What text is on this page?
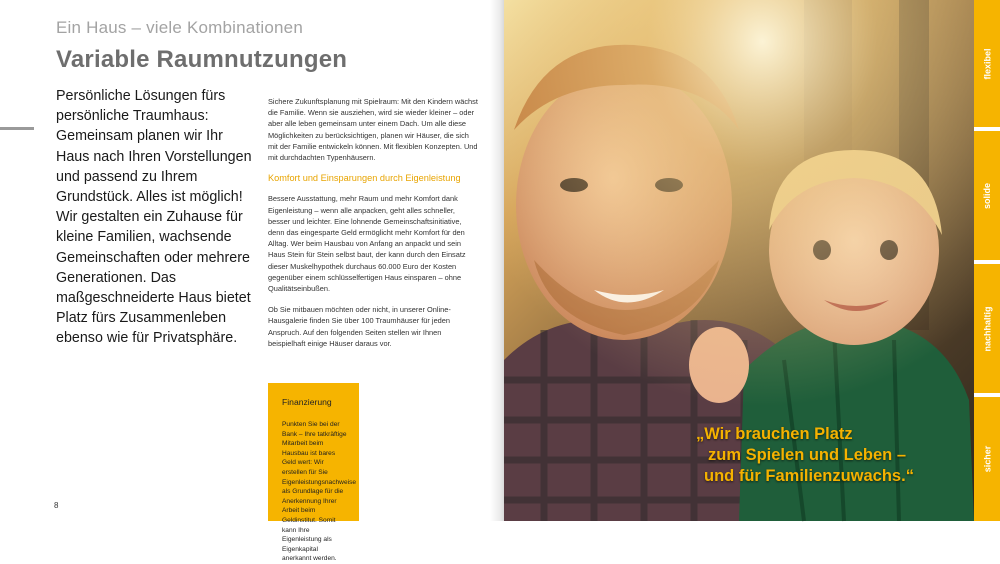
Ein Haus – viele Kombinationen
Variable Raumnutzungen

Persönliche Lösungen fürs persönliche Traumhaus: Gemeinsam planen wir Ihr Haus nach Ihren Vorstellungen und passend zu Ihrem Grundstück. Alles ist möglich! Wir gestalten ein Zuhause für kleine Familien, wachsende Gemeinschaften oder mehrere Generationen. Das maßgeschneiderte Haus bietet Platz fürs Zusammenleben ebenso wie für Privatsphäre.

Sichere Zukunftsplanung mit Spielraum: Mit den Kindern wächst die Familie. Wenn sie ausziehen, wird sie wieder kleiner – oder aber alle leben gemeinsam unter einem Dach. Um alle diese Möglichkeiten zu berücksichtigen, planen wir Häuser, die sich mit der Familie entwickeln können. Mit flexiblen Konzepten. Und mit durchdachten Typenhäusern.

Komfort und Einsparungen durch Eigenleistung

Bessere Ausstattung, mehr Raum und mehr Komfort dank Eigenleistung – wenn alle anpacken, geht alles schneller, besser und leichter. Eine lohnende Gemeinschaftsinitiative, denn das eingesparte Geld ermöglicht mehr Komfort für den Alltag. Wer beim Hausbau von Anfang an anpackt und sein Haus Stein für Stein selbst baut, der kann durch den Einsatz dieser Muskelhypothek durchaus 60.000 Euro der Kosten gegenüber einem schlüsselfertigen Haus einsparen – ohne Qualitätseinbußen.

Ob Sie mitbauen möchten oder nicht, in unserer Online-Hausgalerie finden Sie über 100 Traumhäuser für jeden Anspruch. Auf den folgenden Seiten stellen wir Ihnen beispielhaft einige Häuser daraus vor.

Finanzierung

Punkten Sie bei der Bank – Ihre tatkräftige Mitarbeit beim Hausbau ist bares Geld wert: Wir erstellen für Sie Eigenleistungsnachweise als Grundlage für die Anerkennung Ihrer Arbeit beim Geldinstitut. Somit kann Ihre Eigenleistung als Eigenkapital anerkannt werden.

8
„Wir brauchen Platz
zum Spielen und Leben –
und für Familienzuwachs.“
flexibel
solide
nachhaltig
sicher
